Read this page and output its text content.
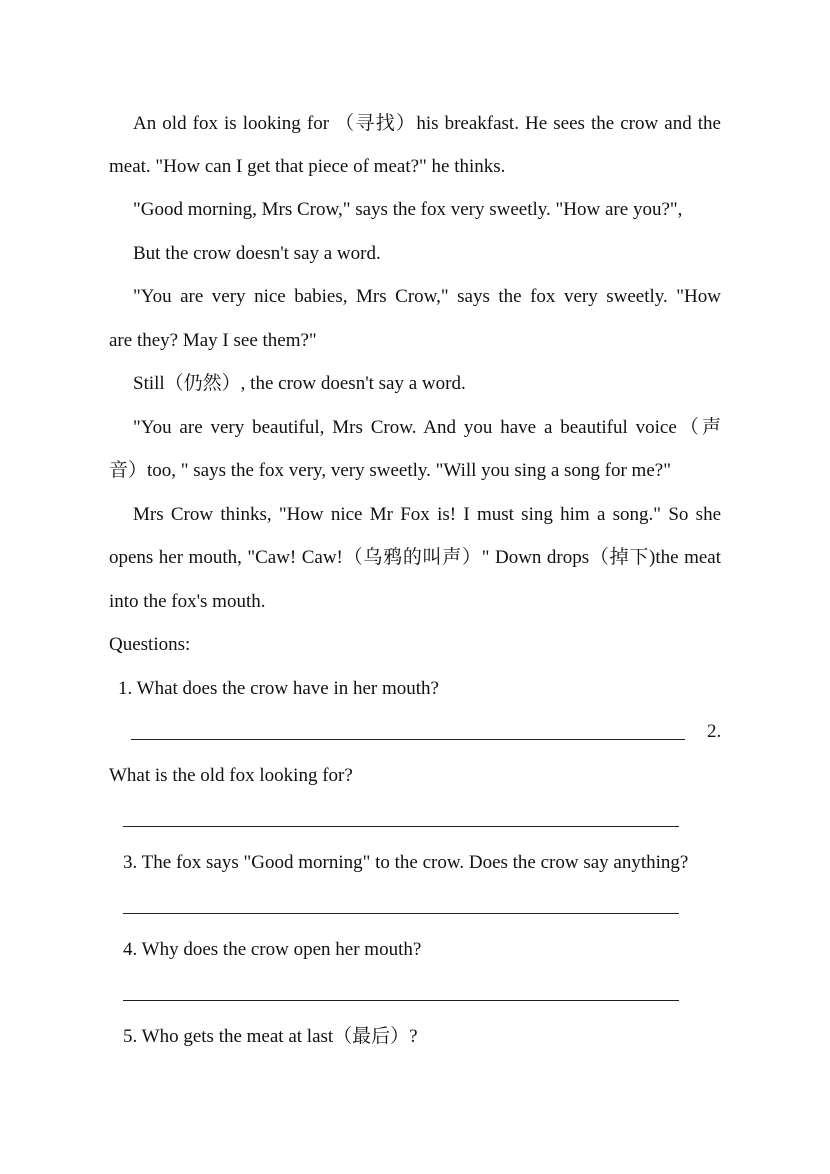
An old fox is looking for （寻找）his breakfast. He sees the crow and the
meat. "How can I get that piece of meat?" he thinks.
"Good morning, Mrs Crow," says the fox very sweetly. "How are you?",
But the crow doesn't say a word.
"You are very nice babies, Mrs Crow," says the fox very sweetly. "How
are they? May I see them?"
Still（仍然）, the crow doesn't say a word.
"You are very beautiful, Mrs Crow. And you have a beautiful voice（声
音）too, " says the fox very, very sweetly. "Will you sing a song for me?"
Mrs Crow thinks, "How nice Mr Fox is! I must sing him a song." So she
opens her mouth, "Caw! Caw!（乌鸦的叫声）" Down drops（掉下)the meat
into the fox's mouth.
Questions:
1. What does the crow have in her mouth?
2.
What is the old fox looking for?
3. The fox says "Good morning" to the crow. Does the crow say anything?
4. Why does the crow open her mouth?
5. Who gets the meat at last（最后）?
